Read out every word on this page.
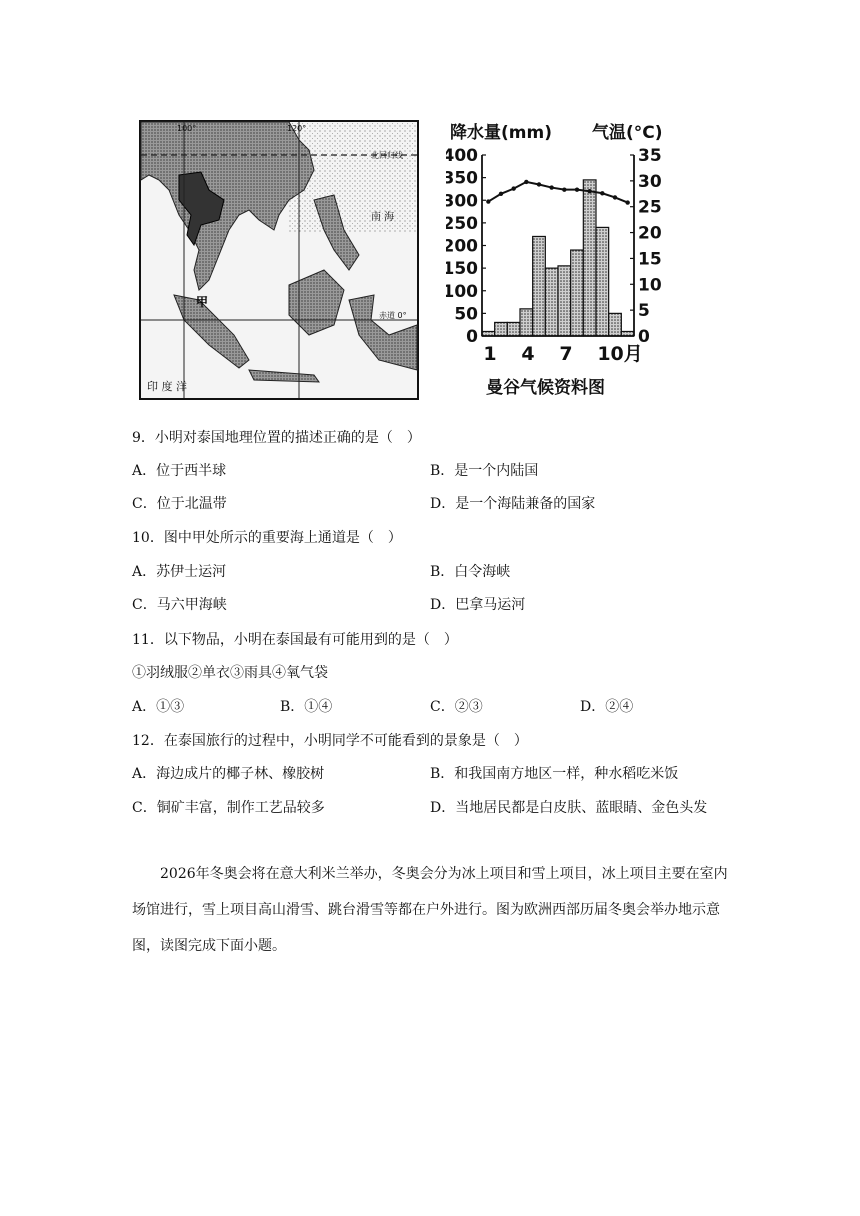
100°	120°
北回归线
南 海
甲
赤道 0°
印 度 洋
降水量(mm) 气温(°C)
0
50
100
150
200
250
300
350
400
0
5
10
15
20
25
30
35
1 4 7 10月
曼谷气候资料图
9．小明对泰国地理位置的描述正确的是（　）
A．位于西半球	B．是一个内陆国
C．位于北温带	D．是一个海陆兼备的国家
10．图中甲处所示的重要海上通道是（　）
A．苏伊士运河	B．白令海峡
C．马六甲海峡	D．巴拿马运河
11．以下物品，小明在泰国最有可能用到的是（　）
①羽绒服②单衣③雨具④氧气袋
A．①③	B．①④	C．②③	D．②④
12．在泰国旅行的过程中，小明同学不可能看到的景象是（　）
A．海边成片的椰子林、橡胶树	B．和我国南方地区一样，种水稻吃米饭
C．铜矿丰富，制作工艺品较多	D．当地居民都是白皮肤、蓝眼睛、金色头发
2026年冬奥会将在意大利米兰举办，冬奥会分为冰上项目和雪上项目，冰上项目主要在室内场馆进行，雪上项目高山滑雪、跳台滑雪等都在户外进行。图为欧洲西部历届冬奥会举办地示意图，读图完成下面小题。
